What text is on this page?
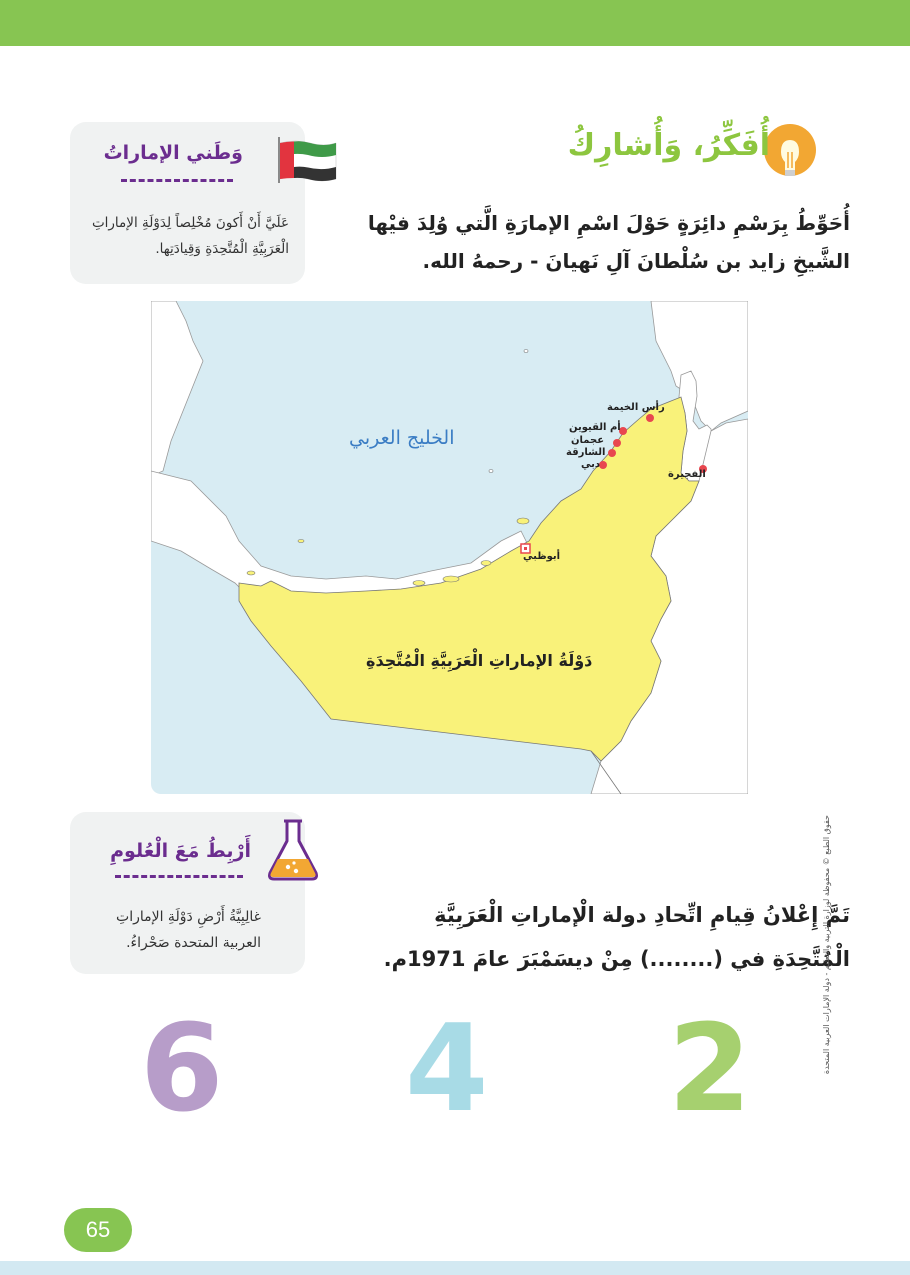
وَطَني الإماراتُ
عَلَيَّ أَنْ أَكونَ مُخْلِصاً لِدَوْلَةِ الإماراتِ
الْعَرَبِيَّةِ الْمُتَّحِدَةِ وَقِيادَتِها.
أُفَكِّرُ، وَأُشارِكُ
أُحَوِّطُ بِرَسْمِ دائِرَةٍ حَوْلَ اسْمِ الإمارَةِ الَّتي وُلِدَ فيْها
الشَّيخِ زايد بن سُلْطانَ آلِ نَهيانَ - رحمهُ الله.
الخليج العربي
دَوْلَةُ الإماراتِ الْعَرَبِيَّةِ الْمُتَّحِدَةِ
رأس الخيمة
أم القيوين
عجمان
الشارقة
دبي
الفجيرة
أبوظبي
أَرْبِطُ مَعَ الْعُلومِ
غالِبِيَّةُ أَرْضِ دَوْلَةِ الإماراتِ
العربية المتحدة صَحْراءُ.
تَمَّ إِعْلانُ قِيامِ اتِّحادِ دولة الْإماراتِ الْعَرَبِيَّةِ
الْمُتَّحِدَةِ في (........) مِنْ ديسَمْبَرَ عامَ 1971م.
6 4 2	حقوق الطبع © محفوظة لوزارة التربية والتعليم - دولة الإمارات العربية المتحدة
65
